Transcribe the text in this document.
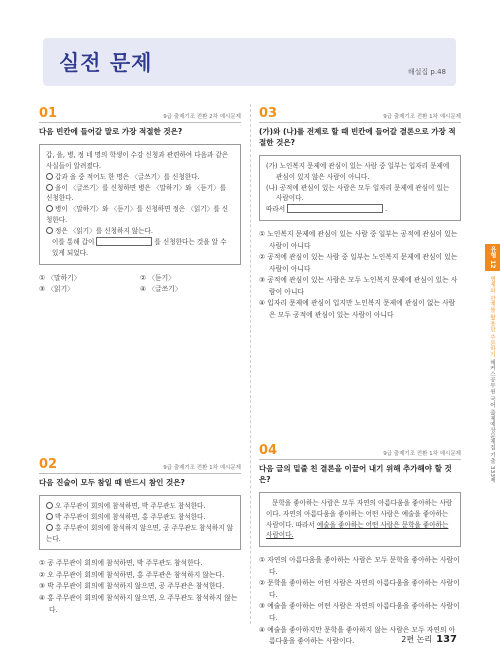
실전 문제	해설집 p.48
01	9급 출제기조 전환 2차 예시문제
다음 빈칸에 들어갈 말로 가장 적절한 것은?

갑, 을, 병, 정 네 명의 학생이 수강 신청과 관련하여 다음과 같은 사실들이 알려졌다.

갑과 을 중 적어도 한 명은 〈글쓰기〉를 신청한다.

을이 〈글쓰기〉를 신청하면 병은 〈말하기〉와 〈듣기〉를 신청한다.

병이 〈말하기〉와 〈듣기〉를 신청하면 정은 〈읽기〉를 신청한다.

정은 〈읽기〉를 신청하지 않는다.

이를 통해 갑이	를 신청한다는 것을 알 수 있게 되었다.

① 〈말하기〉	② 〈듣기〉
③ 〈읽기〉	④ 〈글쓰기〉
02	9급 출제기조 전환 1차 예시문제
다음 진술이 모두 참일 때 반드시 참인 것은?

오 주무관이 회의에 참석하면, 박 주무관도 참석한다.

박 주무관이 회의에 참석하면, 홍 주무관도 참석한다.

홍 주무관이 회의에 참석하지 않으면, 공 주무관도 참석하지 않는다.

① 공 주무관이 회의에 참석하면, 박 주무관도 참석한다.
② 오 주무관이 회의에 참석하면, 홍 주무관은 참석하지 않는다.
③ 박 주무관이 회의에 참석하지 않으면, 공 주무관은 참석한다.
④ 홍 주무관이 회의에 참석하지 않으면, 오 주무관도 참석하지 않는다.
03	9급 출제기조 전환 1차 예시문제
(가)와 (나)를 전제로 할 때 빈칸에 들어갈 결론으로 가장 적절한 것은?

(가) 노인복지 문제에 관심이 있는 사람 중 일부는 입자리 문제에 관심이 있지 않은 사람이 아니다.

(나) 공적에 관심이 있는 사람은 모두 일자리 문제에 관심이 있는 사람이다.

따라서	.

① 노인복지 문제에 관심이 있는 사람 중 일부는 공적에 관심이 있는 사람이 아니다
② 공적에 관심이 있는 사람 중 일부는 노인복지 문제에 관심이 있는 사람이 아니다
③ 공적에 관심이 있는 사람은 모두 노인복지 문제에 관심이 있는 사람이 아니다
④ 입자리 문제에 관심이 입지만 노인복지 문제에 관심이 없는 사람은 모두 공적에 관심이 있는 사람이 아니다
04	9급 출제기조 전환 1차 예시문제
다음 글의 밑줄 친 결론을 이끌어 내기 위해 추가해야 할 것은?

문학을 좋아하는 사람은 모두 자연의 아름다움을 좋아하는 사람이다. 자연의 아름다움을 좋아하는 어떤 사람은 예술을 좋아하는 사람이다. 따라서 예술을 좋아하는 어떤 사람은 문학을 좋아하는 사람이다.

① 자연의 아름다움을 좋아하는 사람은 모두 문학을 좋아하는 사람이다.
② 문학을 좋아하는 어떤 사람은 자연의 아름다움을 좋아하는 사람이다.
③ 예술을 좋아하는 어떤 사람은 자연의 아름다움을 좋아하는 사람이다.
④ 예술을 좋아하지만 문학을 좋아하지 않는 사람은 모두 자연의 아름다움을 좋아하는 사람이다.
유형 12
명제와 관계를 활용한 추론하기 해커스공무원 국어 출제예상문제집 기출 333제
2편 논리 137
